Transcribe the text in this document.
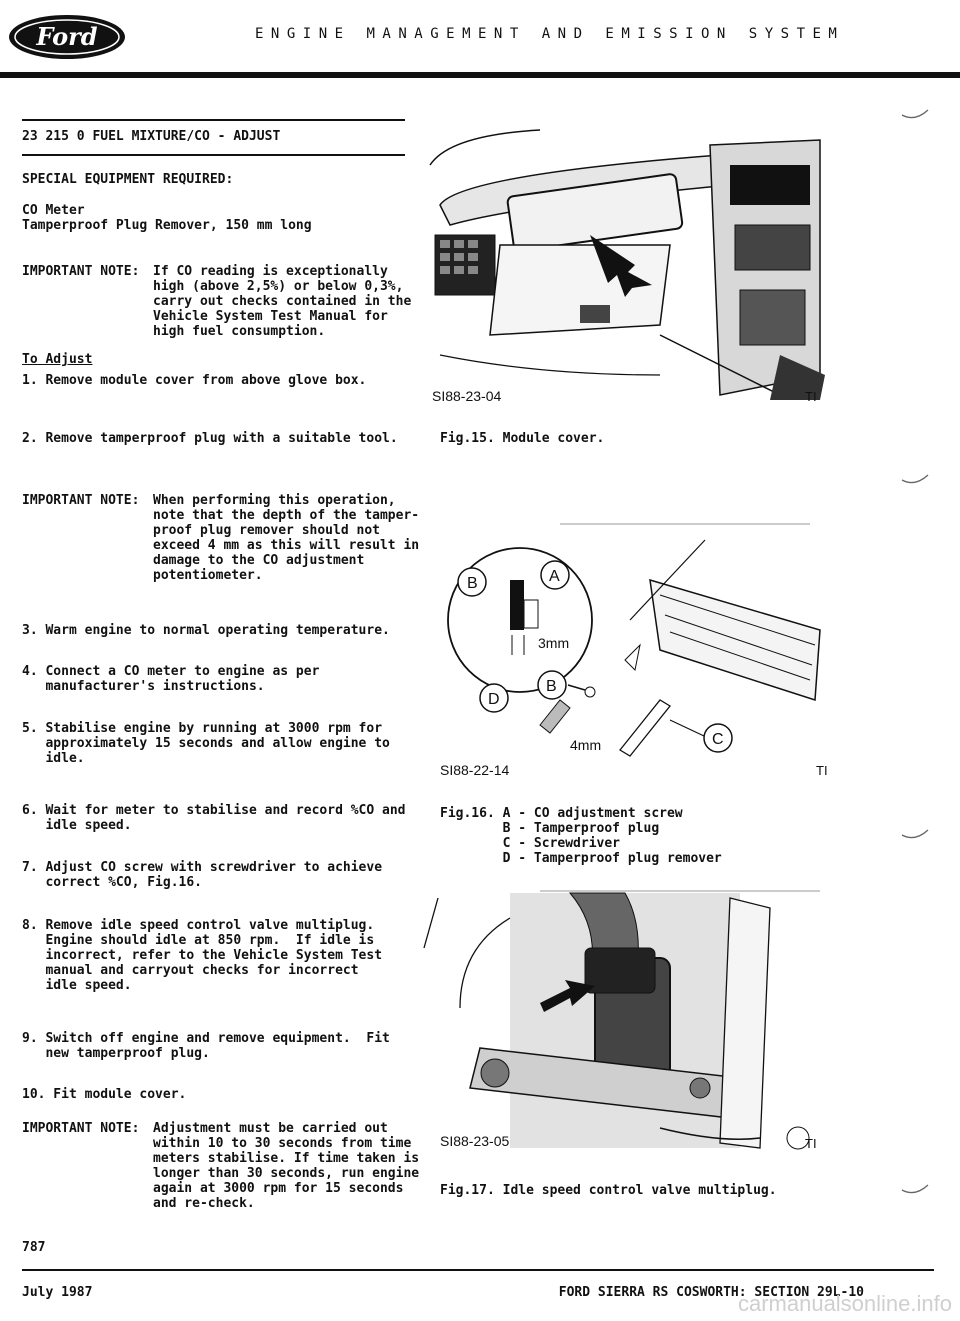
Ford	ENGINE MANAGEMENT AND EMISSION SYSTEM
23 215 0 FUEL MIXTURE/CO - ADJUST
SPECIAL EQUIPMENT REQUIRED:
CO Meter
Tamperproof Plug Remover, 150 mm long
IMPORTANT NOTE: If CO reading is exceptionally
high (above 2,5%) or below 0,3%,
carry out checks contained in the
Vehicle System Test Manual for
high fuel consumption.
To Adjust
1. Remove module cover from above glove box.
2. Remove tamperproof plug with a suitable tool.
IMPORTANT NOTE: When performing this operation,
note that the depth of the tamper-
proof plug remover should not
exceed 4 mm as this will result in
damage to the CO adjustment
potentiometer.
3. Warm engine to normal operating temperature.
4. Connect a CO meter to engine as per
manufacturer's instructions.
5. Stabilise engine by running at 3000 rpm for
approximately 15 seconds and allow engine to
idle.
6. Wait for meter to stabilise and record %CO and
idle speed.
7. Adjust CO screw with screwdriver to achieve
correct %CO, Fig.16.
8. Remove idle speed control valve multiplug.
Engine should idle at 850 rpm.  If idle is
incorrect, refer to the Vehicle System Test
manual and carryout checks for incorrect
idle speed.
9. Switch off engine and remove equipment.  Fit
new tamperproof plug.
10. Fit module cover.
IMPORTANT NOTE: Adjustment must be carried out
within 10 to 30 seconds from time
meters stabilise. If time taken is
longer than 30 seconds, run engine
again at 3000 rpm for 15 seconds
and re-check.
SI88-23-04	TI
Fig.15. Module cover.
3mm
B	A
D
B
4mm	C
SI88-22-14	TI
Fig.16. A - CO adjustment screw
B - Tamperproof plug
C - Screwdriver
D - Tamperproof plug remover
SI88-23-05	TI
Fig.17. Idle speed control valve multiplug.
787
July 1987	FORD SIERRA RS COSWORTH: SECTION 29L-10
carmanualsonline.info
